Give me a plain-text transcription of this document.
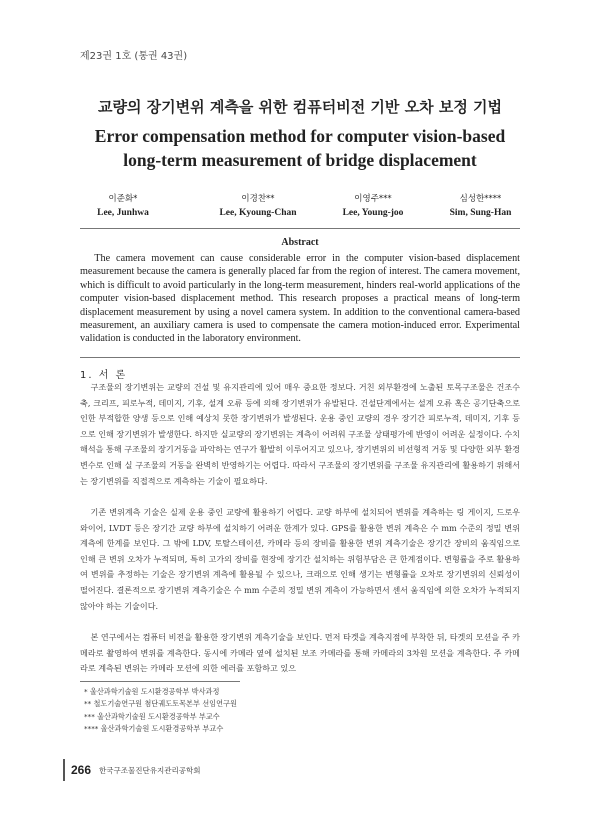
제23권 1호 (통권 43권)
교량의 장기변위 계측을 위한 컴퓨터비전 기반 오차 보정 기법
Error compensation method for computer vision-based
long-term measurement of bridge displacement
이준화*
Lee, Junhwa
이경찬**
Lee, Kyoung-Chan
이영주***
Lee, Young-joo
심성한****
Sim, Sung-Han
Abstract
The camera movement can cause considerable error in the computer vision-based displacement measurement because the camera is generally placed far from the region of interest. The camera movement, which is difficult to avoid particularly in the long-term measurement, hinders real-world applications of the computer vision-based displacement method. This research proposes a practical means of long-term displacement measurement by using a novel camera system. In addition to the conventional camera-based measurement, an auxiliary camera is used to compensate the camera motion-induced error. Experimental validation is conducted in the laboratory environment.
1. 서 론
구조물의 장기변위는 교량의 건설 및 유지관리에 있어 매우 중요한 정보다. 거친 외부환경에 노출된 토목구조물은 건조수축, 크리프, 피로누적, 데미지, 기후, 설계 오류 등에 의해 장기변위가 유발된다. 건설단계에서는 설계 오류 혹은 공기단축으로 인한 부적합한 양생 등으로 인해 예상치 못한 장기변위가 발생된다. 운용 중인 교량의 경우 장기간 피로누적, 데미지, 기후 등으로 인해 장기변위가 발생한다. 하지만 실교량의 장기변위는 계측이 어려워 구조물 상태평가에 반영이 어려운 실정이다. 수치해석을 통해 구조물의 장기거동을 파악하는 연구가 활발히 이루어지고 있으나, 장기변위의 비선형적 거동 및 다양한 외부 환경 변수로 인해 실 구조물의 거동을 완벽히 반영하기는 어렵다. 따라서 구조물의 장기변위를 구조물 유지관리에 활용하기 위해서는 장기변위를 직접적으로 계측하는 기술이 필요하다.
기존 변위계측 기술은 실제 운용 중인 교량에 활용하기 어렵다. 교량 하부에 설치되어 변위를 계측하는 링 게이지, 드로우 와이어, LVDT 등은 장기간 교량 하부에 설치하기 어려운 한계가 있다. GPS를 활용한 변위 계측은 수 mm 수준의 정밀 변위 계측에 한계를 보인다. 그 밖에 LDV, 토탈스테이션, 카메라 등의 장비를 활용한 변위 계측기술은 장기간 장비의 움직임으로 인해 큰 변위 오차가 누적되며, 특히 고가의 장비를 현장에 장기간 설치하는 위험부담은 큰 한계점이다. 변형률을 주로 활용하여 변위를 추정하는 기술은 장기변위 계측에 활용될 수 있으나, 크래으로 인해 생기는 변형률을 오차로 장기변위의 신뢰성이 떨어진다. 결론적으로 장기변위 계측기술은 수 mm 수준의 정밀 변위 계측이 가능하면서 센서 움직임에 의한 오차가 누적되지 않아야 하는 기술이다.
본 연구에서는 컴퓨터 비전을 활용한 장기변위 계측기술을 보인다. 먼저 타겟을 계측지점에 부착한 뒤, 타겟의 모션을 주 카메라로 촬영하여 변위를 계측한다. 동시에 카메라 옆에 설치된 보조 카메라를 통해 카메라의 3차원 모션을 계측한다. 주 카메라로 계측된 변위는 카메라 모션에 의한 에러를 포함하고 있으
* 울산과학기술원 도시환경공학부 박사과정
** 철도기술연구원 첨단궤도토목본부 선임연구원
*** 울산과학기술원 도시환경공학부 부교수
**** 울산과학기술원 도시환경공학부 부교수
266 한국구조물진단유지관리공학회
